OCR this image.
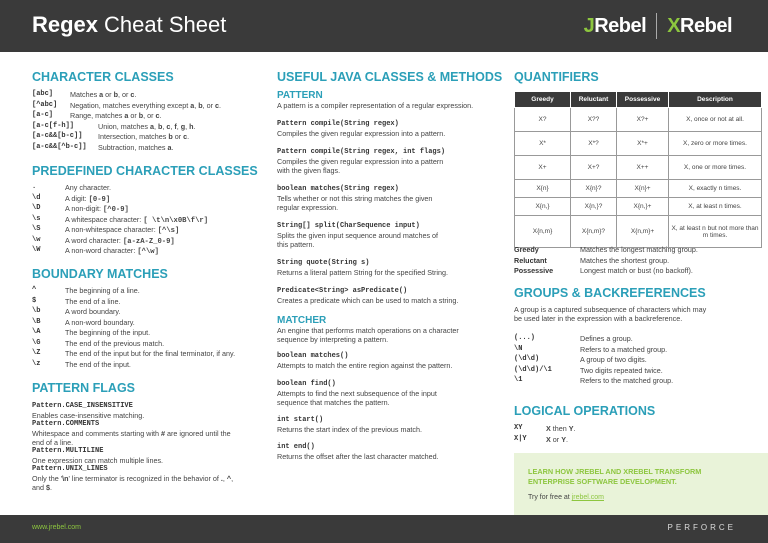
Regex Cheat Sheet	JRebel XRebel
CHARACTER CLASSES
[abc] Matches a or b, or c.
[^abc] Negation, matches everything except a, b, or c.
[a-c] Range, matches a or b, or c.
[a-c[f-h]]	Union, matches a, b, c, f, g, h.
[a-c&&[b-c]] Intersection, matches b or c.
[a-c&&[^b-c]] Subtraction, matches a.
PREDEFINED CHARACTER CLASSES
.	Any character.
\d	A digit: [0-9]
\D	A non-digit: [^0-9]
\s	A whitespace character: [ \t\n\x0B\f\r]
\S	A non-whitespace character: [^\s]
\w	A word character: [a-zA-Z_0-9]
\W	A non-word character: [^\w]
BOUNDARY MATCHES
^	The beginning of a line.
$	The end of a line.
\b	A word boundary.
\B	A non-word boundary.
\A	The beginning of the input.
\G	The end of the previous match.
\Z	The end of the input but for the final terminator, if any.
\z	The end of the input.
PATTERN FLAGS
Pattern.CASE_INSENSITIVE
Enables case-insensitive matching.
Pattern.COMMENTS
Whitespace and comments starting with # are ignored until the
end of a line.
Pattern.MULTILINE
One expression can match multiple lines.
Pattern.UNIX_LINES
Only the '\n' line terminator is recognized in the behavior of ., ^,
and $.
USEFUL JAVA CLASSES & METHODS
PATTERN
A pattern is a compiler representation of a regular expression.
Pattern compile(String regex)
Compiles the given regular expression into a pattern.
Pattern compile(String regex, int flags)
Compiles the given regular expression into a pattern
with the given flags.
boolean matches(String regex)
Tells whether or not this string matches the given
regular expression.
String[] split(CharSequence input)
Splits the given input sequence around matches of
this pattern.
String quote(String s)
Returns a literal pattern String for the specified String.
Predicate<String> asPredicate()
Creates a predicate which can be used to match a string.
MATCHER
An engine that performs match operations on a character
sequence by interpreting a pattern.
boolean matches()
Attempts to match the entire region against the pattern.
boolean find()
Attempts to find the next subsequence of the input
sequence that matches the pattern.
int start()
Returns the start index of the previous match.
int end()
Returns the offset after the last character matched.
QUANTIFIERS
Greedy	Reluctant	Possessive	Description
X?	X??	X?+	X, once or not at all.
X*	X*?	X*+	X, zero or more times.
X+	X+?	X++	X, one or more times.
X{n}	X{n}?	X{n}+	X, exactly n times.
X{n,}	X{n,}?	X{n,}+	X, at least n times.
X{n,m}	X{n,m}?	X{n,m}+	X, at least n but not more than m times.
Greedy	Matches the longest matching group.
Reluctant	Matches the shortest group.
Possessive	Longest match or bust (no backoff).
GROUPS & BACKREFERENCES
A group is a captured subsequence of characters which may
be used later in the expression with a backreference.
(...)	Defines a group.
\N	Refers to a matched group.
(\d\d)	A group of two digits.
(\d\d)/\1	Two digits repeated twice.
\1	Refers to the matched group.
LOGICAL OPERATIONS
XY	X then Y.
X|Y	X or Y.
LEARN HOW JREBEL AND XREBEL TRANSFORM
ENTERPRISE SOFTWARE DEVELOPMENT.
Try for free at jrebel.com
www.jrebel.com	PERFORCE
